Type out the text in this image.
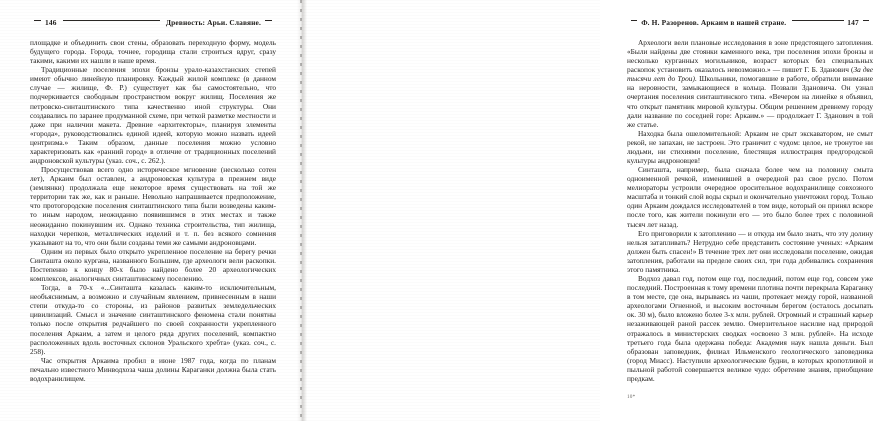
146	Древность: Арьи. Славяне.

площадке и объединить свои стены, образовать переходную форму, модель будущего города. Города, точнее, городища стали строиться вдруг, сразу такими, какими их нашли в наше время.

Традиционные поселения эпохи бронзы урало-казахстанских степей имеют обычно линейную планировку. Каждый жилой комплекс (в данном случае — жилище, Ф. Р.) существует как бы самостоятельно, что подчеркивается свободным пространством вокруг жилищ. Поселения же петровско-синташтинского типа качественно иной структуры. Они создавались по заранее продуманной схеме, при четкой разметке местности и даже при наличии макета. Древние «архитекторы», планируя элементы «города», руководствовались единой идеей, которую можно назвать идеей центризма.» Таким образом, данные поселения можно условно характеризовать как «ранний город» в отличие от традиционных поселений андроновской культуры (указ. соч., с. 262.).

Просуществовав всего одно историческое мгновение (несколько сотен лет), Аркаим был оставлен, а андроновская культура в прежнем виде (землянки) продолжала еще некоторое время существовать на той же территории так же, как и раньше. Невольно напрашивается предположение, что протогородские поселения синташтинского типа были возведены каким-то иным народом, неожиданно появившимся в этих местах и также неожиданно покинувшим их. Однако техника строительства, тип жилища, находки черепков, металлических изделий и т. п. без всякого сомнения указывают на то, что они были созданы теми же самыми андроновцами.

Одним из первых было открыто укрепленное поселение на берегу речки Синташта около кургана, названного Большим, где археологи вели раскопки. Постепенно к концу 80-х было найдено более 20 археологических комплексов, аналогичных синташтинскому поселению.

Тогда, в 70-х «...Синташта казалась каким-то исключительным, необъяснимым, а возможно и случайным явлением, привнесенным в наши степи откуда-то со стороны, из районов развитых земледельческих цивилизаций. Смысл и значение синташтинского феномена стали понятны только после открытия редчайшего по своей сохранности укрепленного поселения Аркаим, а затем и целого ряда других поселений, компактно расположенных вдоль восточных склонов Уральского хребта» (указ. соч., с. 258).

Час открытия Аркаима пробил в июне 1987 года, когда по планам печально известного Минводхоза чаша долины Караганки должна была стать водохранилищем.

Ф. Н. Разоренов. Аркаим в нашей стране.	147

Археологи вели плановые исследования в зоне предстоящего затопления. «Были найдены две стоянки каменного века, три поселения эпохи бронзы и несколько курганных могильников, возраст которых без специальных раскопок установить оказалось невозможно.» — пишет Г. Б. Зданович (За две тысячи лет до Трои). Школьники, помогавшие в работе, обратили внимание на неровности, замыкающиеся в кольца. Позвали Здановича. Он узнал очертания поселения синташтинского типа. «Вечером на линейке я объявил, что открыт памятник мировой культуры. Общим решением древнему городу дали название по соседней горе: Аркаим.» — продолжает Г. Зданович в той же статье.

Находка была ошеломительной: Аркаим не срыт экскаватором, не смыт рекой, не запахан, не застроен. Это граничит с чудом: целое, не тронутое ни людьми, ни стихиями поселение, блестящая иллюстрация предгородской культуры андроновцев!

Синташта, например, была сначала более чем на половину смыта одноименной речкой, изменившей в очередной раз свое русло. Потом мелиораторы устроили очередное оросительное водохранилище совхозного масштаба и тонкий слой воды скрыл и окончательно уничтожил город. Только один Аркаим дождался исследователей в том виде, который он принял вскоре после того, как жители покинули его — это было более трех с половиной тысяч лет назад.

Его приговорили к затоплению — и откуда им было знать, что эту долину нельзя затапливать? Нетрудно себе представить состояние ученых: «Аркаим должен быть спасен!» В течение трех лет они исследовали поселение, ожидая затопления, работали на пределе своих сил, три года добивались сохранения этого памятника.

Водхоз давал год, потом еще год, последний, потом еще год, совсем уже последний. Построенная к тому времени плотина почти перекрыла Караганку в том месте, где она, вырываясь из чаши, протекает между горой, названной археологами Огненной, и высоким восточным берегом (осталось досыпать ок. 30 м), было вложено более 3-х млн. рублей. Огромный и страшный карьер незаживающей раной рассек землю. Омерзительное насилие над природой отражалось в министерских сводках «освоено 3 млн. рублей». На исходе третьего года была одержана победа: Академия наук нашла деньги. Был образован заповедник, филиал Ильменского геологического заповедника (город Миасс). Наступили археологические будни, в которых кропотливой и пыльной работой совершается великое чудо: обретение знания, приобщение предкам.

10*
